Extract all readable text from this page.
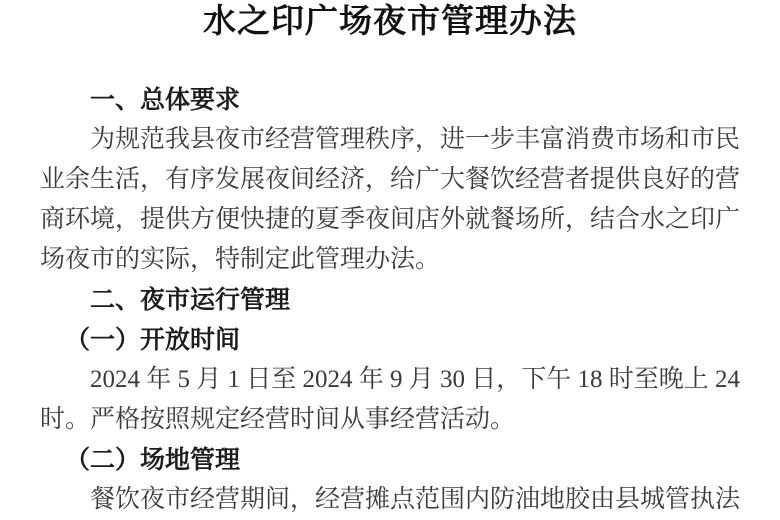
水之印广场夜市管理办法
一、总体要求

为规范我县夜市经营管理秩序，进一步丰富消费市场和市民业余生活，有序发展夜间经济，给广大餐饮经营者提供良好的营商环境，提供方便快捷的夏季夜间店外就餐场所，结合水之印广场夜市的实际，特制定此管理办法。

二、夜市运行管理
（一）开放时间

2024 年 5 月 1 日至 2024 年 9 月 30 日，下午 18 时至晚上 24 时。严格按照规定经营时间从事经营活动。

（二）场地管理

餐饮夜市经营期间，经营摊点范围内防油地胶由县城管执法
